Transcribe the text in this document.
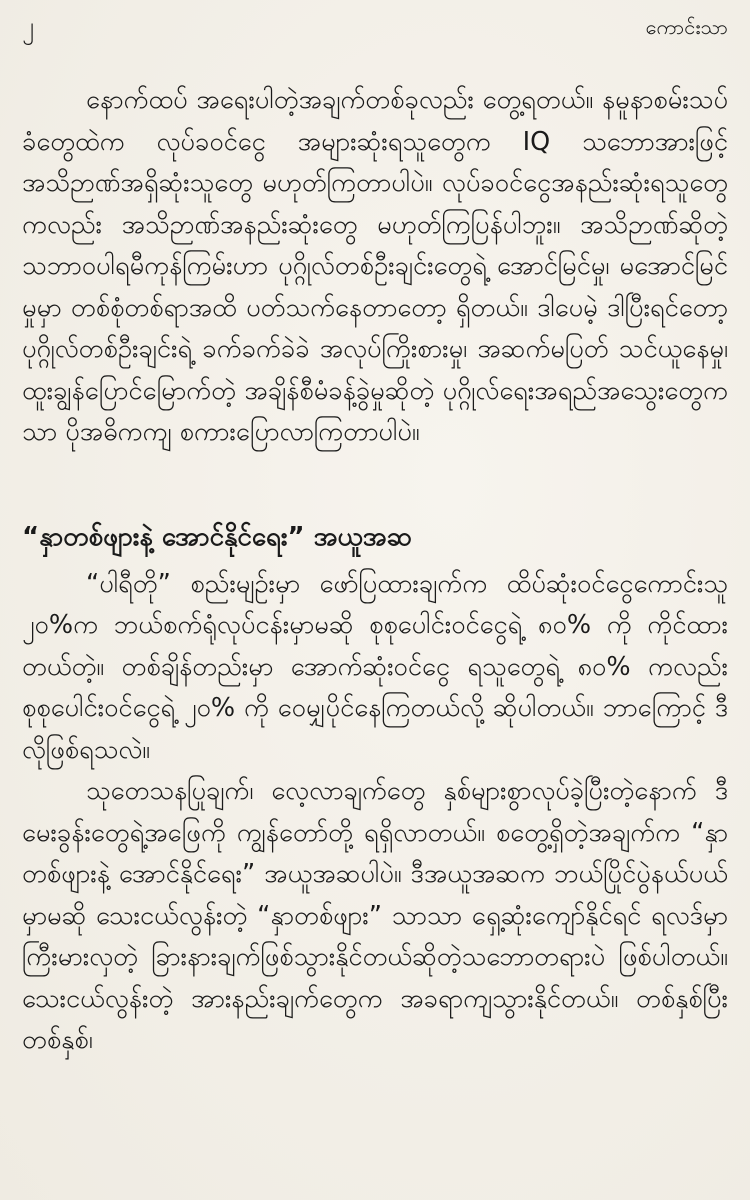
၂	ကောင်းသာ

နောက်ထပ် အရေးပါတဲ့အချက်တစ်ခုလည်း တွေ့ရတယ်။ နမူနာစမ်းသပ်ခံတွေထဲက လုပ်ခဝင်ငွေ အများဆုံးရသူတွေက IQ သဘောအားဖြင့် အသိဉာဏ်အရှိဆုံးသူတွေ မဟုတ်ကြတာပါပဲ။ လုပ်ခဝင်ငွေအနည်းဆုံးရသူတွေကလည်း အသိဉာဏ်အနည်းဆုံးတွေ မဟုတ်ကြပြန်ပါဘူး။ အသိဉာဏ်ဆိုတဲ့ သဘာဝပါရမီကုန်ကြမ်းဟာ ပုဂ္ဂိုလ်တစ်ဦးချင်းတွေရဲ့ အောင်မြင်မှု၊ မအောင်မြင်မှုမှာ တစ်စုံတစ်ရာအထိ ပတ်သက်နေတာတော့ ရှိတယ်။ ဒါပေမဲ့ ဒါပြီးရင်တော့ ပုဂ္ဂိုလ်တစ်ဦးချင်းရဲ့ ခက်ခက်ခဲခဲ အလုပ်ကြိုးစားမှု၊ အဆက်မပြတ် သင်ယူနေမှု၊ ထူးချွန်ပြောင်မြောက်တဲ့ အချိန်စီမံခန့်ခွဲမှုဆိုတဲ့ ပုဂ္ဂိုလ်ရေးအရည်အသွေးတွေကသာ ပိုအဓိကကျ စကားပြောလာကြတာပါပဲ။

“နှာတစ်ဖျားနဲ့ အောင်နိုင်ရေး” အယူအဆ

“ပါရီတို” စည်းမျဉ်းမှာ ဖော်ပြထားချက်က ထိပ်ဆုံးဝင်ငွေကောင်းသူ ၂၀%က ဘယ်စက်ရုံလုပ်ငန်းမှာမဆို စုစုပေါင်းဝင်ငွေရဲ့ ၈၀% ကို ကိုင်ထားတယ်တဲ့။ တစ်ချိန်တည်းမှာ အောက်ဆုံးဝင်ငွေ ရသူတွေရဲ့ ၈၀% ကလည်း စုစုပေါင်းဝင်ငွေရဲ့ ၂၀% ကို ဝေမျှပိုင်နေကြတယ်လို့ ဆိုပါတယ်။ ဘာကြောင့် ဒီလိုဖြစ်ရသလဲ။

သုတေသနပြုချက်၊ လေ့လာချက်တွေ နှစ်များစွာလုပ်ခဲ့ပြီးတဲ့နောက် ဒီမေးခွန်းတွေရဲ့အဖြေကို ကျွန်တော်တို့ ရရှိလာတယ်။ စတွေ့ရှိတဲ့အချက်က “နှာတစ်ဖျားနဲ့ အောင်နိုင်ရေး” အယူအဆပါပဲ။ ဒီအယူအဆက ဘယ်ပြိုင်ပွဲနယ်ပယ်မှာမဆို သေးငယ်လွန်းတဲ့ “နှာတစ်ဖျား” သာသာ ရှေ့ဆုံးကျော်နိုင်ရင် ရလဒ်မှာ ကြီးမားလှတဲ့ ခြားနားချက်ဖြစ်သွားနိုင်တယ်ဆိုတဲ့သဘောတရားပဲ ဖြစ်ပါတယ်။ သေးငယ်လွန်းတဲ့ အားနည်းချက်တွေက အခရာကျသွားနိုင်တယ်။ တစ်နှစ်ပြီးတစ်နှစ်၊
